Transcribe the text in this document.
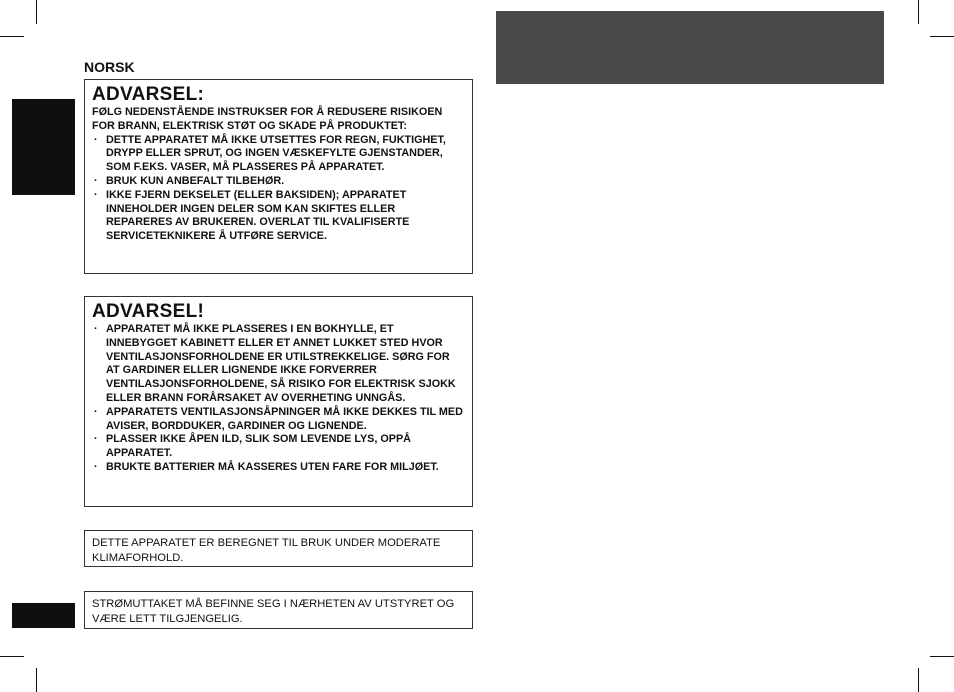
NORSK
ADVARSEL:

FØLG NEDENSTÅENDE INSTRUKSER FOR Å REDUSERE RISIKOEN FOR BRANN, ELEKTRISK STØT OG SKADE PÅ PRODUKTET:

· DETTE APPARATET MÅ IKKE UTSETTES FOR REGN, FUKTIGHET, DRYPP ELLER SPRUT, OG INGEN VÆSKEFYLTE GJENSTANDER, SOM F.EKS. VASER, MÅ PLASSERES PÅ APPARATET.
· BRUK KUN ANBEFALT TILBEHØR.
· IKKE FJERN DEKSELET (ELLER BAKSIDEN); APPARATET INNEHOLDER INGEN DELER SOM KAN SKIFTES ELLER REPARERES AV BRUKEREN. OVERLAT TIL KVALIFISERTE SERVICETEKNIKERE Å UTFØRE SERVICE.
ADVARSEL!
· APPARATET MÅ IKKE PLASSERES I EN BOKHYLLE, ET INNEBYGGET KABINETT ELLER ET ANNET LUKKET STED HVOR VENTILASJONSFORHOLDENE ER UTILSTREKKELIGE. SØRG FOR AT GARDINER ELLER LIGNENDE IKKE FORVERRER VENTILASJONSFORHOLDENE, SÅ RISIKO FOR ELEKTRISK SJOKK ELLER BRANN FORÅRSAKET AV OVERHETING UNNGÅS.
· APPARATETS VENTILASJONSÅPNINGER MÅ IKKE DEKKES TIL MED AVISER, BORDDUKER, GARDINER OG LIGNENDE.
· PLASSER IKKE ÅPEN ILD, SLIK SOM LEVENDE LYS, OPPÅ APPARATET.
· BRUKTE BATTERIER MÅ KASSERES UTEN FARE FOR MILJØET.

DETTE APPARATET ER BEREGNET TIL BRUK UNDER MODERATE KLIMAFORHOLD.

STRØMUTTAKET MÅ BEFINNE SEG I NÆRHETEN AV UTSTYRET OG VÆRE LETT TILGJENGELIG.
